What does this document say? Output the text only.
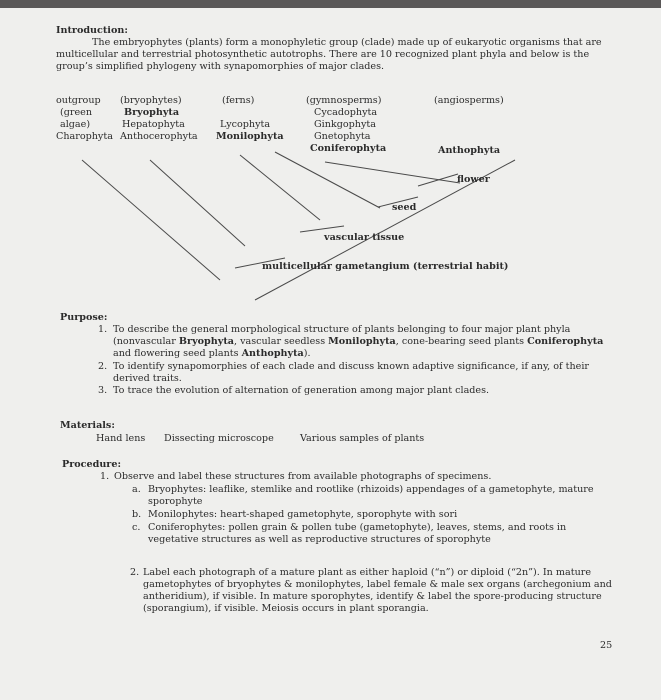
Introduction:
The embryophytes (plants) form a monophyletic group (clade) made up of eukaryotic organisms that are
multicellular and terrestrial photosynthetic autotrophs. There are 10 recognized plant phyla and below is the
group’s simplified phylogeny with synapomorphies of major clades.
outgroup
(green
algae)
Charophyta
(bryophytes)
Bryophyta
Hepatophyta
Anthocerophyta
(ferns)
Lycophyta
Monilophyta
(gymnosperms)
Cycadophyta
Ginkgophyta
Gnetophyta
Coniferophyta
(angiosperms)
Anthophyta
flower
seed
vascular tissue
multicellular gametangium (terrestrial habit)
Purpose:
1. To describe the general morphological structure of plants belonging to four major plant phyla
(nonvascular Bryophyta, vascular seedless Monilophyta, cone-bearing seed plants Coniferophyta
and flowering seed plants Anthophyta).
2. To identify synapomorphies of each clade and discuss known adaptive significance, if any, of their
derived traits.
3. To trace the evolution of alternation of generation among major plant clades.
Materials:
Hand lens Dissecting microscope	Various samples of plants
Procedure:
1. Observe and label these structures from available photographs of specimens.
a. Bryophytes: leaflike, stemlike and rootlike (rhizoids) appendages of a gametophyte, mature
sporophyte
b. Monilophytes: heart-shaped gametophyte, sporophyte with sori
c. Coniferophytes: pollen grain & pollen tube (gametophyte), leaves, stems, and roots in
vegetative structures as well as reproductive structures of sporophyte
2. Label each photograph of a mature plant as either haploid (“n”) or diploid (“2n”). In mature
gametophytes of bryophytes & monilophytes, label female & male sex organs (archegonium and
antheridium), if visible. In mature sporophytes, identify & label the spore-producing structure
(sporangium), if visible. Meiosis occurs in plant sporangia.
25
